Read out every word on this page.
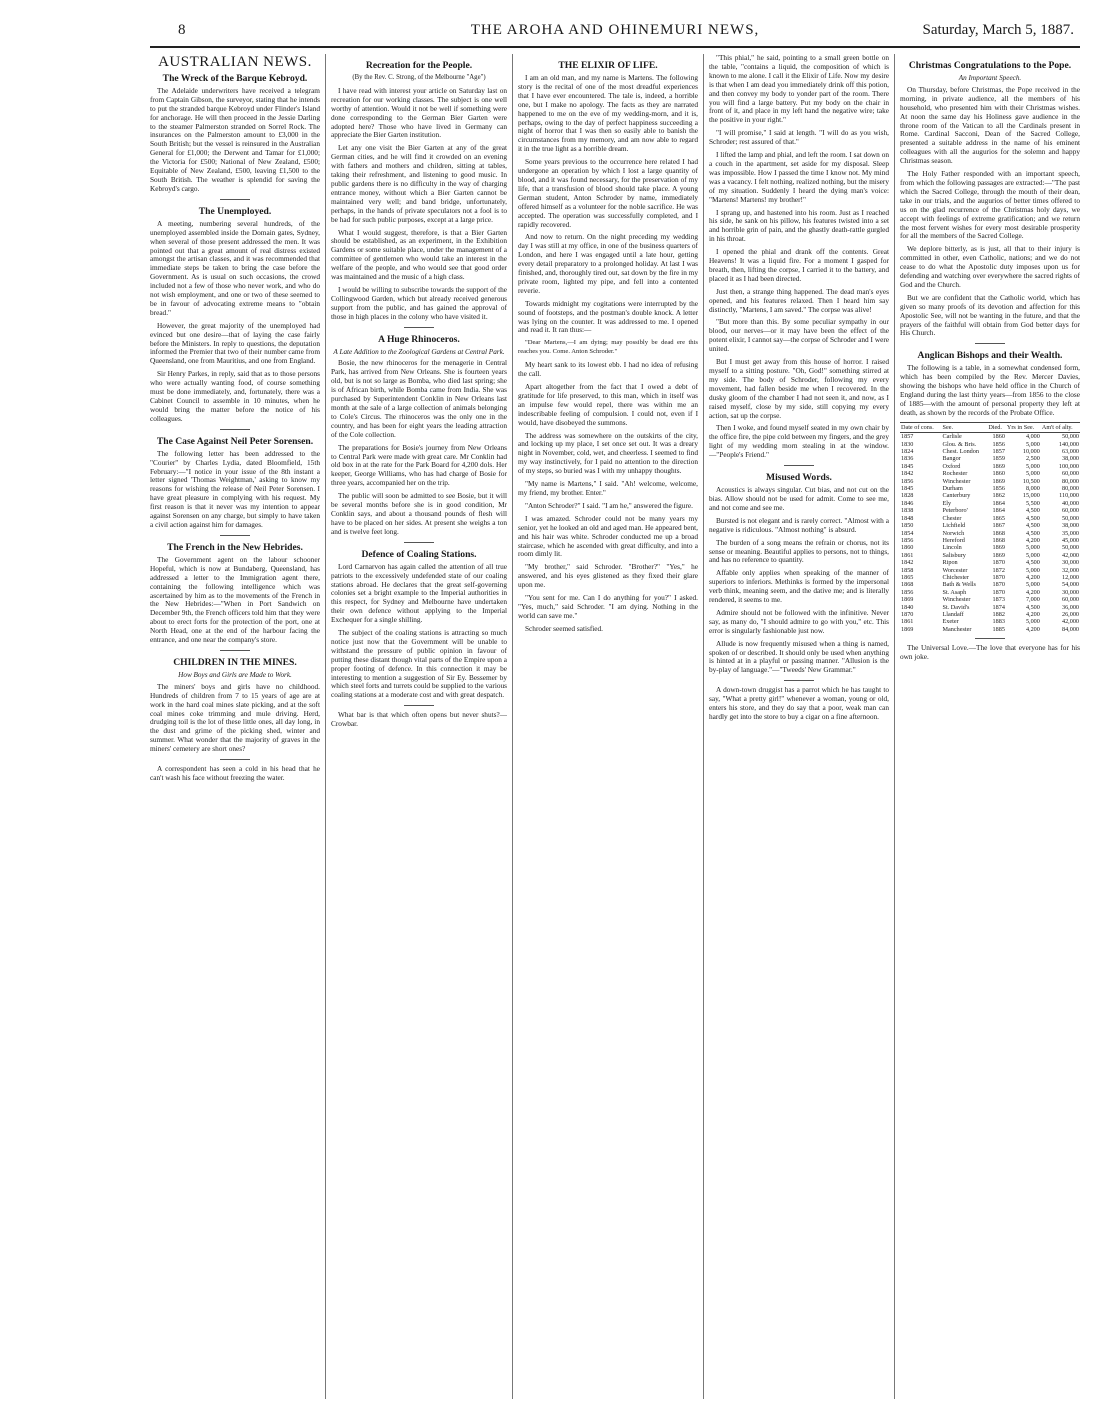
8	THE AROHA AND OHINEMURI NEWS,	Saturday, March 5, 1887.
AUSTRALIAN NEWS.
The Wreck of the Barque Kebroyd.

The Adelaide underwriters have received a telegram from Captain Gibson, the surveyor, stating that he intends to put the stranded barque Kebroyd under Flinder's Island for anchorage. He will then proceed in the Jessie Darling to the steamer Palmerston stranded on Sorrel Rock. The insurances on the Palmerston amount to £3,000 in the South British; but the vessel is reinsured in the Australian General for £1,000; the Derwent and Tamar for £1,000; the Victoria for £500; National of New Zealand, £500; Equitable of New Zealand, £500, leaving £1,500 to the South British. The weather is splendid for saving the Kebroyd's cargo.

The Unemployed.

A meeting, numbering several hundreds, of the unemployed assembled inside the Domain gates, Sydney, when several of those present addressed the men. It was pointed out that a great amount of real distress existed amongst the artisan classes, and it was recommended that immediate steps be taken to bring the case before the Government. As is usual on such occasions, the crowd included not a few of those who never work, and who do not wish employment, and one or two of these seemed to be in favour of advocating extreme means to "obtain bread."

However, the great majority of the unemployed had evinced but one desire—that of laying the case fairly before the Ministers. In reply to questions, the deputation informed the Premier that two of their number came from Queensland, one from Mauritius, and one from England.

Sir Henry Parkes, in reply, said that as to those persons who were actually wanting food, of course something must be done immediately, and, fortunately, there was a Cabinet Council to assemble in 10 minutes, when he would bring the matter before the notice of his colleagues.

The Case Against Neil Peter Sorensen.

The following letter has been addressed to the "Courier" by Charles Lydia, dated Bloomfield, 15th February:—"I notice in your issue of the 8th instant a letter signed 'Thomas Weightman,' asking to know my reasons for wishing the release of Neil Peter Sorensen. I have great pleasure in complying with his request. My first reason is that it never was my intention to appear against Sorensen on any charge, but simply to have taken a civil action against him for damages.

The French in the New Hebrides.

The Government agent on the labour schooner Hopeful, which is now at Bundaberg, Queensland, has addressed a letter to the Immigration agent there, containing the following intelligence which was ascertained by him as to the movements of the French in the New Hebrides:—"When in Port Sandwich on December 9th, the French officers told him that they were about to erect forts for the protection of the port, one at North Head, one at the end of the harbour facing the entrance, and one near the company's store.

CHILDREN IN THE MINES.
How Boys and Girls are Made to Work.

The miners' boys and girls have no childhood. Hundreds of children from 7 to 15 years of age are at work in the hard coal mines slate picking, and at the soft coal mines coke trimming and mule driving. Herd, drudging toil is the lot of these little ones, all day long, in the dust and grime of the picking shed, winter and summer. What wonder that the majority of graves in the miners' cemetery are short ones?

A correspondent has seen a cold in his head that he can't wash his face without freezing the water.

Recreation for the People.
(By the Rev. C. Strong, of the Melbourne "Age")

I have read with interest your article on Saturday last on recreation for our working classes. The subject is one well worthy of attention. Would it not be well if something were done corresponding to the German Bier Garten were adopted here? Those who have lived in Germany can appreciate the Bier Garten institution.

Let any one visit the Bier Garten at any of the great German cities, and he will find it crowded on an evening with fathers and mothers and children, sitting at tables, taking their refreshment, and listening to good music. In public gardens there is no difficulty in the way of charging entrance money, without which a Bier Garten cannot be maintained very well; and band bridge, unfortunately, perhaps, in the hands of private speculators not a fool is to be had for such public purposes, except at a large price.

What I would suggest, therefore, is that a Bier Garten should be established, as an experiment, in the Exhibition Gardens or some suitable place, under the management of a committee of gentlemen who would take an interest in the welfare of the people, and who would see that good order was maintained and the music of a high class.

I would be willing to subscribe towards the support of the Collingwood Garden, which but already received generous support from the public, and has gained the approval of those in high places in the colony who have visited it.

A Huge Rhinoceros.
A Late Addition to the Zoological Gardens at Central Park.

Bosie, the new rhinoceros for the menagerie in Central Park, has arrived from New Orleans. She is fourteen years old, but is not so large as Bomba, who died last spring; she is of African birth, while Bomba came from India. She was purchased by Superintendent Conklin in New Orleans last month at the sale of a large collection of animals belonging to Cole's Circus. The rhinoceros was the only one in the country, and has been for eight years the leading attraction of the Cole collection.

The preparations for Bosie's journey from New Orleans to Central Park were made with great care. Mr Conklin had old box in at the rate for the Park Board for 4,200 dols. Her keeper, George Williams, who has had charge of Bosie for three years, accompanied her on the trip.

The public will soon be admitted to see Bosie, but it will be several months before she is in good condition, Mr Conklin says, and about a thousand pounds of flesh will have to be placed on her sides. At present she weighs a ton and is twelve feet long.

Defence of Coaling Stations.

Lord Carnarvon has again called the attention of all true patriots to the excessively undefended state of our coaling stations abroad. He declares that the great self-governing colonies set a bright example to the Imperial authorities in this respect, for Sydney and Melbourne have undertaken their own defence without applying to the Imperial Exchequer for a single shilling.

The subject of the coaling stations is attracting so much notice just now that the Government will be unable to withstand the pressure of public opinion in favour of putting these distant though vital parts of the Empire upon a proper footing of defence. In this connection it may be interesting to mention a suggestion of Sir Ey. Bessemer by which steel forts and turrets could be supplied to the various coaling stations at a moderate cost and with great despatch.

What bar is that which often opens but never shuts?—Crowbar.

THE ELIXIR OF LIFE.

I am an old man, and my name is Martens. The following story is the recital of one of the most dreadful experiences that I have ever encountered. The tale is, indeed, a horrible one, but I make no apology. The facts as they are narrated happened to me on the eve of my wedding-morn, and it is, perhaps, owing to the day of perfect happiness succeeding a night of horror that I was then so easily able to banish the circumstances from my memory, and am now able to regard it in the true light as a horrible dream.

Some years previous to the occurrence here related I had undergone an operation by which I lost a large quantity of blood, and it was found necessary, for the preservation of my life, that a transfusion of blood should take place. A young German student, Anton Schroder by name, immediately offered himself as a volunteer for the noble sacrifice. He was accepted. The operation was successfully completed, and I rapidly recovered.

And now to return. On the night preceding my wedding day I was still at my office, in one of the business quarters of London, and here I was engaged until a late hour, getting every detail preparatory to a prolonged holiday. At last I was finished, and, thoroughly tired out, sat down by the fire in my private room, lighted my pipe, and fell into a contented reverie.

Towards midnight my cogitations were interrupted by the sound of footsteps, and the postman's double knock. A letter was lying on the counter. It was addressed to me. I opened and read it. It ran thus:—

"Dear Martens,—I am dying; may possibly be dead ere this reaches you. Come. Anton Schroder."

My heart sank to its lowest ebb. I had no idea of refusing the call.

Apart altogether from the fact that I owed a debt of gratitude for life preserved, to this man, which in itself was an impulse few would repel, there was within me an indescribable feeling of compulsion. I could not, even if I would, have disobeyed the summons.

The address was somewhere on the outskirts of the city, and locking up my place, I set once set out. It was a dreary night in November, cold, wet, and cheerless. I seemed to find my way instinctively, for I paid no attention to the direction of my steps, so buried was I with my unhappy thoughts.

"My name is Martens," I said. "Ah! welcome, welcome, my friend, my brother. Enter."

"Anton Schroder?" I said. "I am he," answered the figure.

I was amazed. Schroder could not be many years my senior, yet he looked an old and aged man. He appeared bent, and his hair was white. Schroder conducted me up a broad staircase, which he ascended with great difficulty, and into a room dimly lit.

"My brother," said Schroder. "Brother?" "Yes," he answered, and his eyes glistened as they fixed their glare upon me.

"You sent for me. Can I do anything for you?" I asked. "Yes, much," said Schroder. "I am dying. Nothing in the world can save me."

Schroder seemed satisfied.

"This phial," he said, pointing to a small green bottle on the table, "contains a liquid, the composition of which is known to me alone. I call it the Elixir of Life. Now my desire is that when I am dead you immediately drink off this potion, and then convey my body to yonder part of the room. There you will find a large battery. Put my body on the chair in front of it, and place in my left hand the negative wire; take the positive in your right."

"I will promise," I said at length. "I will do as you wish, Schroder; rest assured of that."

I lifted the lamp and phial, and left the room. I sat down on a couch in the apartment, set aside for my disposal. Sleep was impossible. How I passed the time I know not. My mind was a vacancy. I felt nothing, realized nothing, but the misery of my situation. Suddenly I heard the dying man's voice: "Martens! Martens! my brother!"

I sprang up, and hastened into his room. Just as I reached his side, he sank on his pillow, his features twisted into a set and horrible grin of pain, and the ghastly death-rattle gurgled in his throat.

I opened the phial and drank off the contents. Great Heavens! It was a liquid fire. For a moment I gasped for breath, then, lifting the corpse, I carried it to the battery, and placed it as I had been directed.

Just then, a strange thing happened. The dead man's eyes opened, and his features relaxed. Then I heard him say distinctly, "Martens, I am saved." The corpse was alive!

"But more than this. By some peculiar sympathy in our blood, our nerves—or it may have been the effect of the potent elixir, I cannot say—the corpse of Schroder and I were united.

But I must get away from this house of horror. I raised myself to a sitting posture. "Oh, God!" something stirred at my side. The body of Schroder, following my every movement, had fallen beside me when I recovered. In the dusky gloom of the chamber I had not seen it, and now, as I raised myself, close by my side, still copying my every action, sat up the corpse.

Then I woke, and found myself seated in my own chair by the office fire, the pipe cold between my fingers, and the grey light of my wedding morn stealing in at the window.—"People's Friend."

Misused Words.

Acoustics is always singular. Cut bias, and not cut on the bias. Allow should not be used for admit. Come to see me, and not come and see me.

Bursted is not elegant and is rarely correct. "Almost with a negative is ridiculous. "Almost nothing" is absurd.

The burden of a song means the refrain or chorus, not its sense or meaning. Beautiful applies to persons, not to things, and has no reference to quantity.

Affable only applies when speaking of the manner of superiors to inferiors. Methinks is formed by the impersonal verb think, meaning seem, and the dative me; and is literally rendered, it seems to me.

Admire should not be followed with the infinitive. Never say, as many do, "I should admire to go with you," etc. This error is singularly fashionable just now.

Allude is now frequently misused when a thing is named, spoken of or described. It should only be used when anything is hinted at in a playful or passing manner. "Allusion is the by-play of language."—"Tweeds' New Grammar."

A down-town druggist has a parrot which he has taught to say, "What a pretty girl!" whenever a woman, young or old, enters his store, and they do say that a poor, weak man can hardly get into the store to buy a cigar on a fine afternoon.

Christmas Congratulations to the Pope.
An Important Speech.

On Thursday, before Christmas, the Pope received in the morning, in private audience, all the members of his household, who presented him with their Christmas wishes. At noon the same day his Holiness gave audience in the throne room of the Vatican to all the Cardinals present in Rome. Cardinal Sacconi, Dean of the Sacred College, presented a suitable address in the name of his eminent colleagues with all the augurios for the solemn and happy Christmas season.

The Holy Father responded with an important speech, from which the following passages are extracted:—"The past which the Sacred College, through the mouth of their dean, take in our trials, and the augurios of better times offered to us on the glad recurrence of the Christmas holy days, we accept with feelings of extreme gratification; and we return the most fervent wishes for every most desirable prosperity for all the members of the Sacred College.

We deplore bitterly, as is just, all that to their injury is committed in other, even Catholic, nations; and we do not cease to do what the Apostolic duty imposes upon us for defending and watching over everywhere the sacred rights of God and the Church.

But we are confident that the Catholic world, which has given so many proofs of its devotion and affection for this Apostolic See, will not be wanting in the future, and that the prayers of the faithful will obtain from God better days for His Church.

Anglican Bishops and their Wealth.

The following is a table, in a somewhat condensed form, which has been compiled by the Rev. Mercer Davies, showing the bishops who have held office in the Church of England during the last thirty years—from 1856 to the close of 1885—with the amount of personal property they left at death, as shown by the records of the Probate Office.

Date of cons.	See.	Died.	Yrs in See.	Am't of alty.
1857	Carlisle	1860	4,000	50,000
1830	Glou. & Bris.	1856	5,000	140,000
1824	Chest. London	1857	10,000	63,000
1836	Bangor	1859	2,500	38,000
1845	Oxford	1869	5,000	100,000
1842	Rochester	1860	5,000	60,000
1856	Winchester	1869	10,500	80,000
1845	Durham	1856	8,000	80,000
1828	Canterbury	1862	15,000	110,000
1846	Ely	1864	5,500	40,000
1838	Peterboro'	1864	4,500	60,000
1848	Chester	1865	4,500	50,000
1850	Lichfield	1867	4,500	38,000
1854	Norwich	1868	4,500	35,000
1856	Hereford	1868	4,200	45,000
1860	Lincoln	1869	5,000	50,000
1861	Salisbury	1869	5,000	42,000
1842	Ripon	1870	4,500	30,000
1858	Worcester	1872	5,000	32,000
1865	Chichester	1870	4,200	12,000
1868	Bath & Wells	1870	5,000	54,000
1856	St. Asaph	1870	4,200	30,000
1869	Winchester	1873	7,000	60,000
1840	St. David's	1874	4,500	36,000
1870	Llandaff	1882	4,200	26,000
1861	Exeter	1883	5,000	42,000
1869	Manchester	1885	4,200	84,000

The Universal Love.—The love that everyone has for his own joke.
